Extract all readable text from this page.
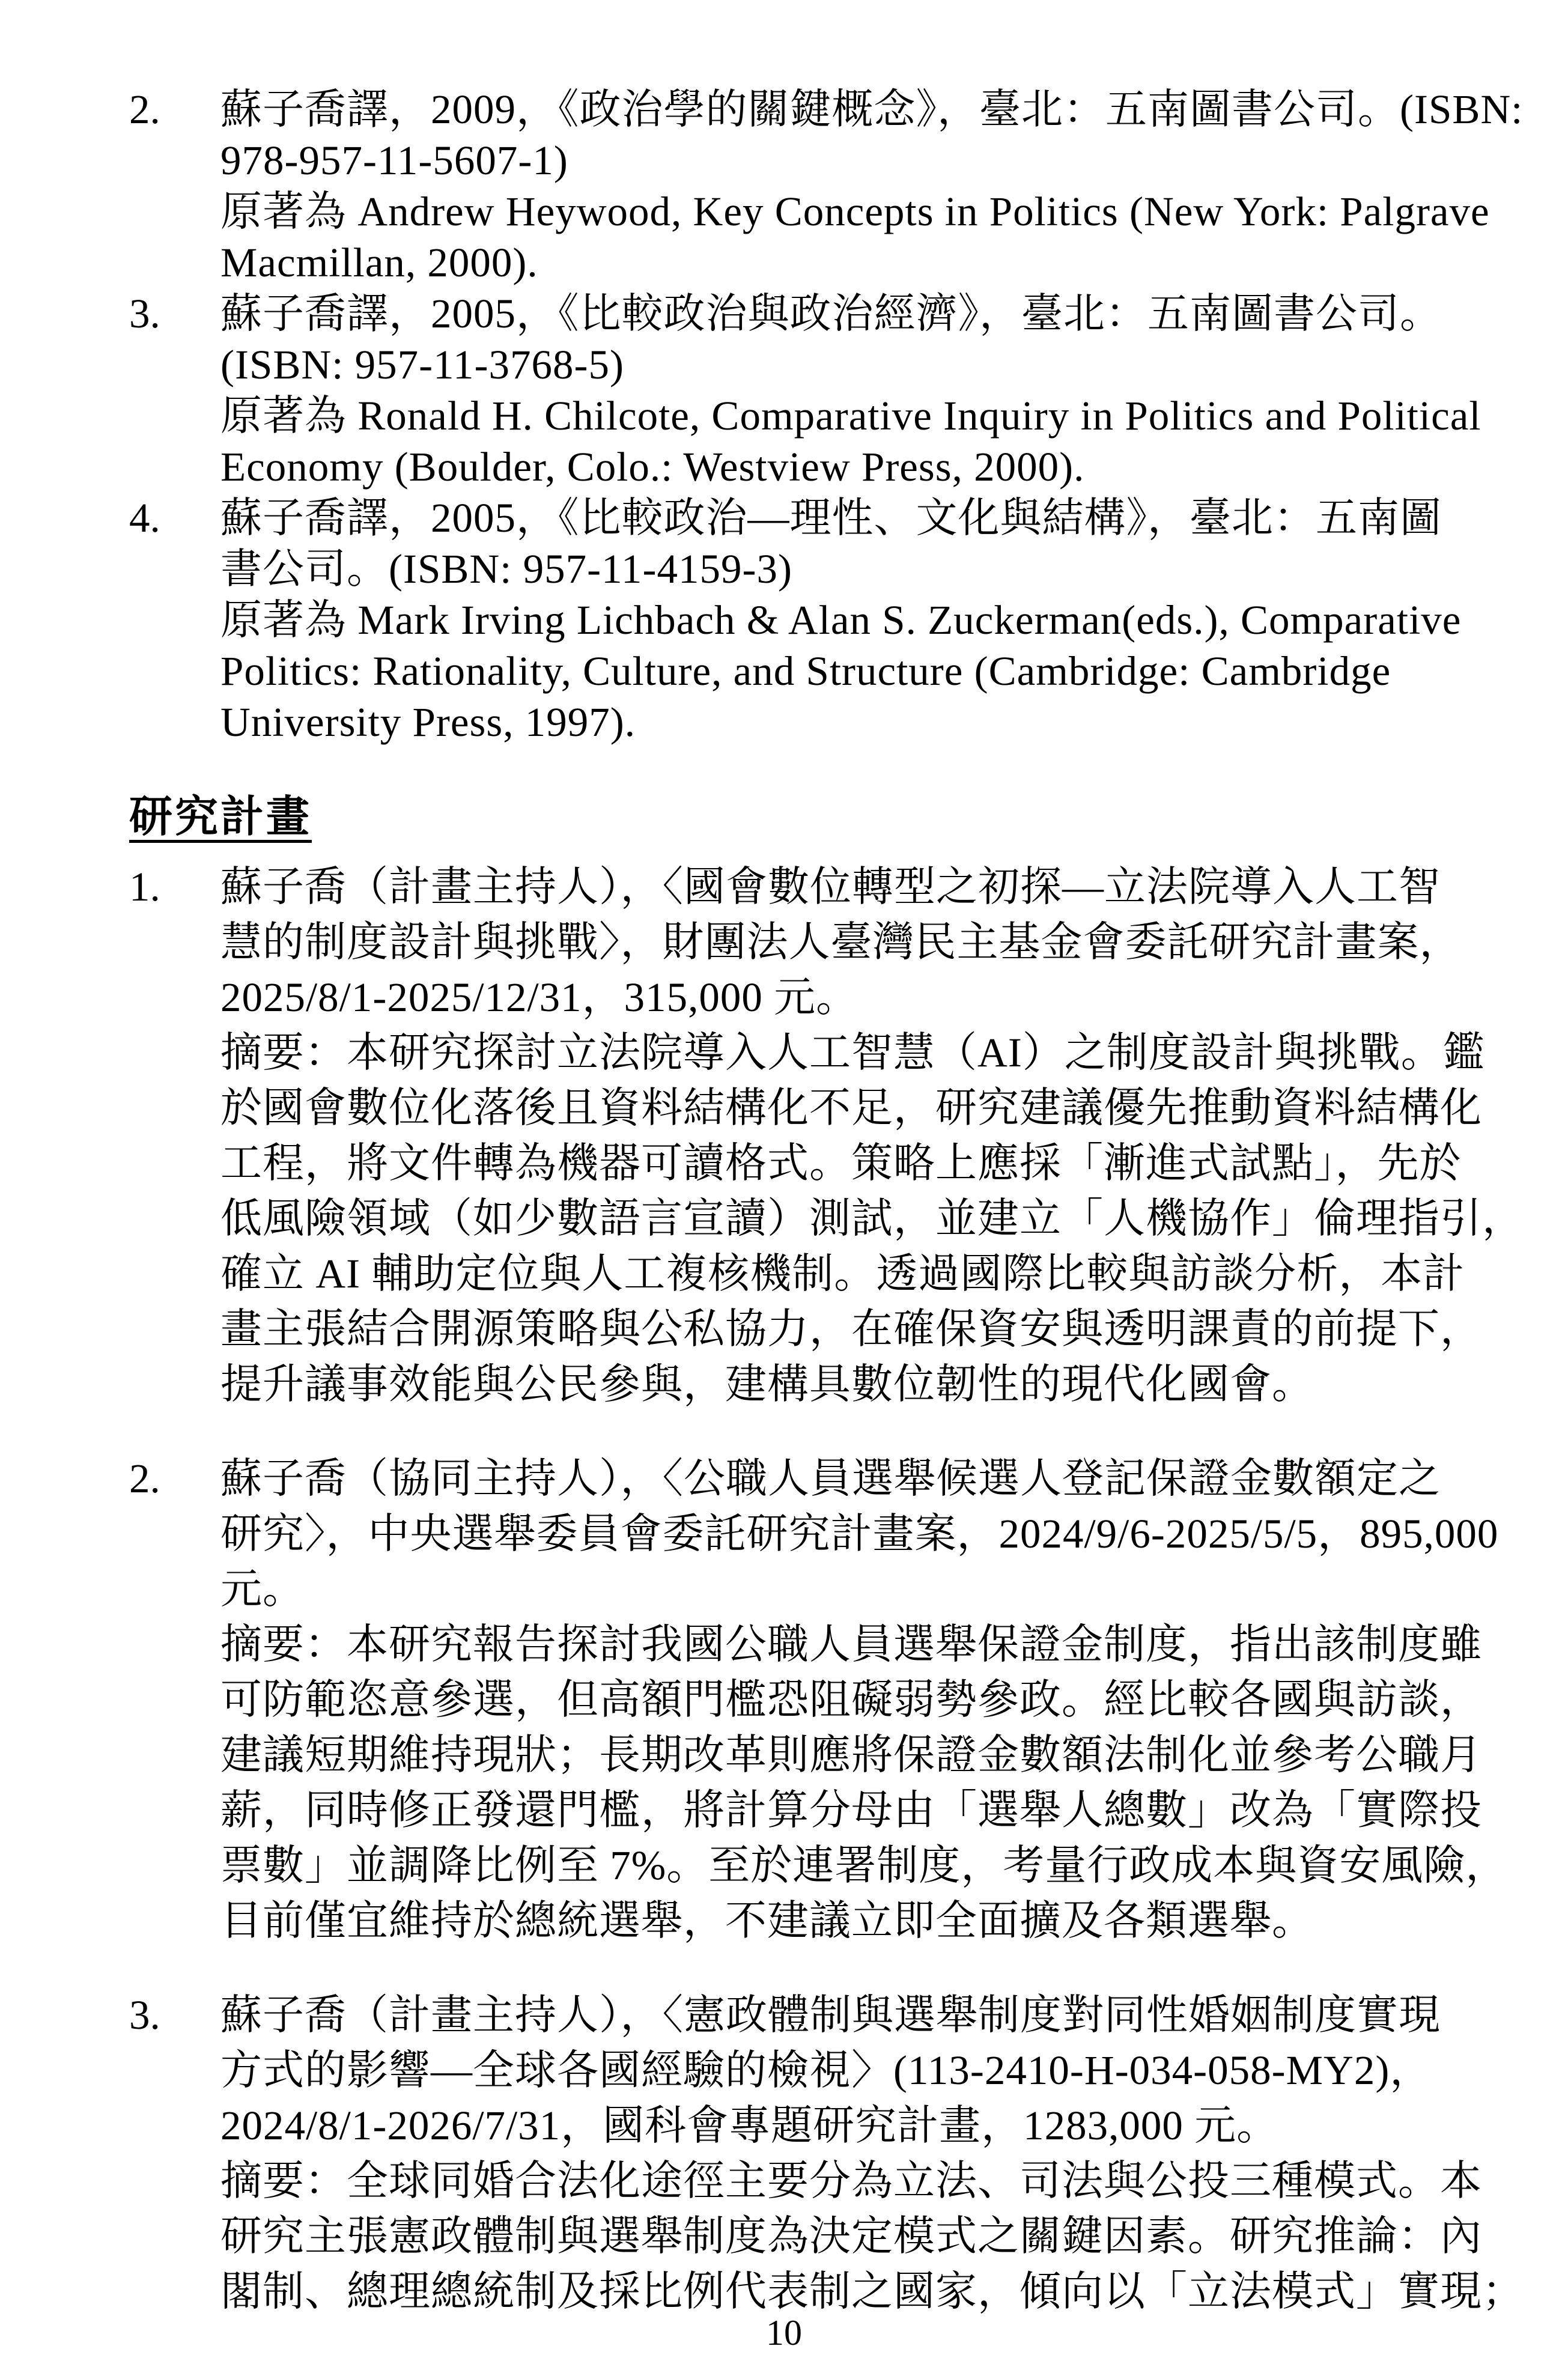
2.	蘇子喬譯，2009，《政治學的關鍵概念》，臺北：五南圖書公司。(ISBN:
978-957-11-5607-1)
原著為 Andrew Heywood, Key Concepts in Politics (New York: Palgrave
Macmillan, 2000).
3.	蘇子喬譯，2005，《比較政治與政治經濟》，臺北：五南圖書公司。
(ISBN: 957-11-3768-5)
原著為 Ronald H. Chilcote, Comparative Inquiry in Politics and Political
Economy (Boulder, Colo.: Westview Press, 2000).
4.	蘇子喬譯，2005，《比較政治—理性、文化與結構》，臺北：五南圖
書公司。(ISBN: 957-11-4159-3)
原著為 Mark Irving Lichbach & Alan S. Zuckerman(eds.), Comparative
Politics: Rationality, Culture, and Structure (Cambridge: Cambridge
University Press, 1997).
研究計畫
1.	蘇子喬（計畫主持人），〈國會數位轉型之初探—立法院導入人工智
慧的制度設計與挑戰〉，財團法人臺灣民主基金會委託研究計畫案，
2025/8/1-2025/12/31，315,000 元。
摘要：本研究探討立法院導入人工智慧（AI）之制度設計與挑戰。鑑
於國會數位化落後且資料結構化不足，研究建議優先推動資料結構化
工程，將文件轉為機器可讀格式。策略上應採「漸進式試點」，先於
低風險領域（如少數語言宣讀）測試，並建立「人機協作」倫理指引，
確立 AI 輔助定位與人工複核機制。透過國際比較與訪談分析，本計
畫主張結合開源策略與公私協力，在確保資安與透明課責的前提下，
提升議事效能與公民參與，建構具數位韌性的現代化國會。
2.	蘇子喬（協同主持人），〈公職人員選舉候選人登記保證金數額定之
研究〉，中央選舉委員會委託研究計畫案，2024/9/6-2025/5/5，895,000
元。
摘要：本研究報告探討我國公職人員選舉保證金制度，指出該制度雖
可防範恣意參選，但高額門檻恐阻礙弱勢參政。經比較各國與訪談，
建議短期維持現狀；長期改革則應將保證金數額法制化並參考公職月
薪，同時修正發還門檻，將計算分母由「選舉人總數」改為「實際投
票數」並調降比例至 7%。至於連署制度，考量行政成本與資安風險，
目前僅宜維持於總統選舉，不建議立即全面擴及各類選舉。
3.	蘇子喬（計畫主持人），〈憲政體制與選舉制度對同性婚姻制度實現
方式的影響—全球各國經驗的檢視〉(113-2410-H-034-058-MY2)，
2024/8/1-2026/7/31，國科會專題研究計畫，1283,000 元。
摘要：全球同婚合法化途徑主要分為立法、司法與公投三種模式。本
研究主張憲政體制與選舉制度為決定模式之關鍵因素。研究推論：內
閣制、總理總統制及採比例代表制之國家，傾向以「立法模式」實現；
10
